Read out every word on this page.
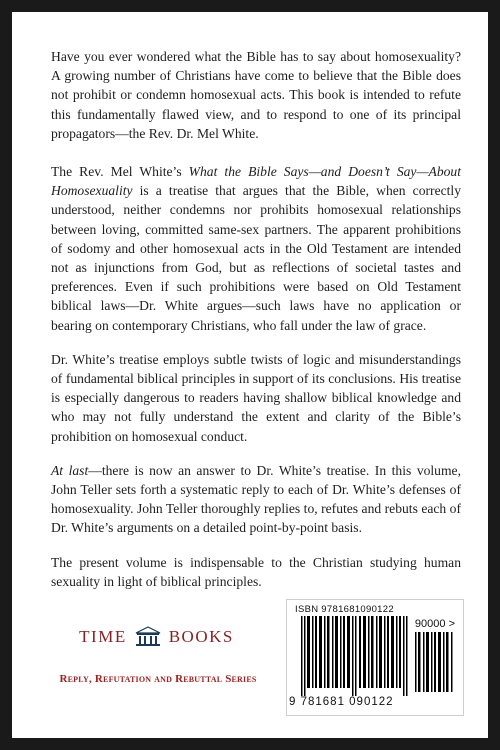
Have you ever wondered what the Bible has to say about homosexuality? A growing number of Christians have come to believe that the Bible does not prohibit or condemn homosexual acts. This book is intended to refute this fundamentally flawed view, and to respond to one of its principal propagators—the Rev. Dr. Mel White.

The Rev. Mel White’s What the Bible Says—and Doesn’t Say—About Homosexuality is a treatise that argues that the Bible, when correctly understood, neither condemns nor prohibits homosexual relationships between loving, committed same-sex partners. The apparent prohibitions of sodomy and other homosexual acts in the Old Testament are intended not as injunctions from God, but as reflections of societal tastes and preferences. Even if such prohibitions were based on Old Testament biblical laws—Dr. White argues—such laws have no application or bearing on contemporary Christians, who fall under the law of grace.

Dr. White’s treatise employs subtle twists of logic and misunderstandings of fundamental biblical principles in support of its conclusions. His treatise is especially dangerous to readers having shallow biblical knowledge and who may not fully understand the extent and clarity of the Bible’s prohibition on homosexual conduct.

At last—there is now an answer to Dr. White’s treatise. In this volume, John Teller sets forth a systematic reply to each of Dr. White’s defenses of homosexuality. John Teller thoroughly replies to, refutes and rebuts each of Dr. White’s arguments on a detailed point-by-point basis.

The present volume is indispensable to the Christian studying human sexuality in light of biblical principles.

TIME BOOKS
Reply, Refutation and Rebuttal Series
ISBN 9781681090122
90000 >
9 781681 090122
